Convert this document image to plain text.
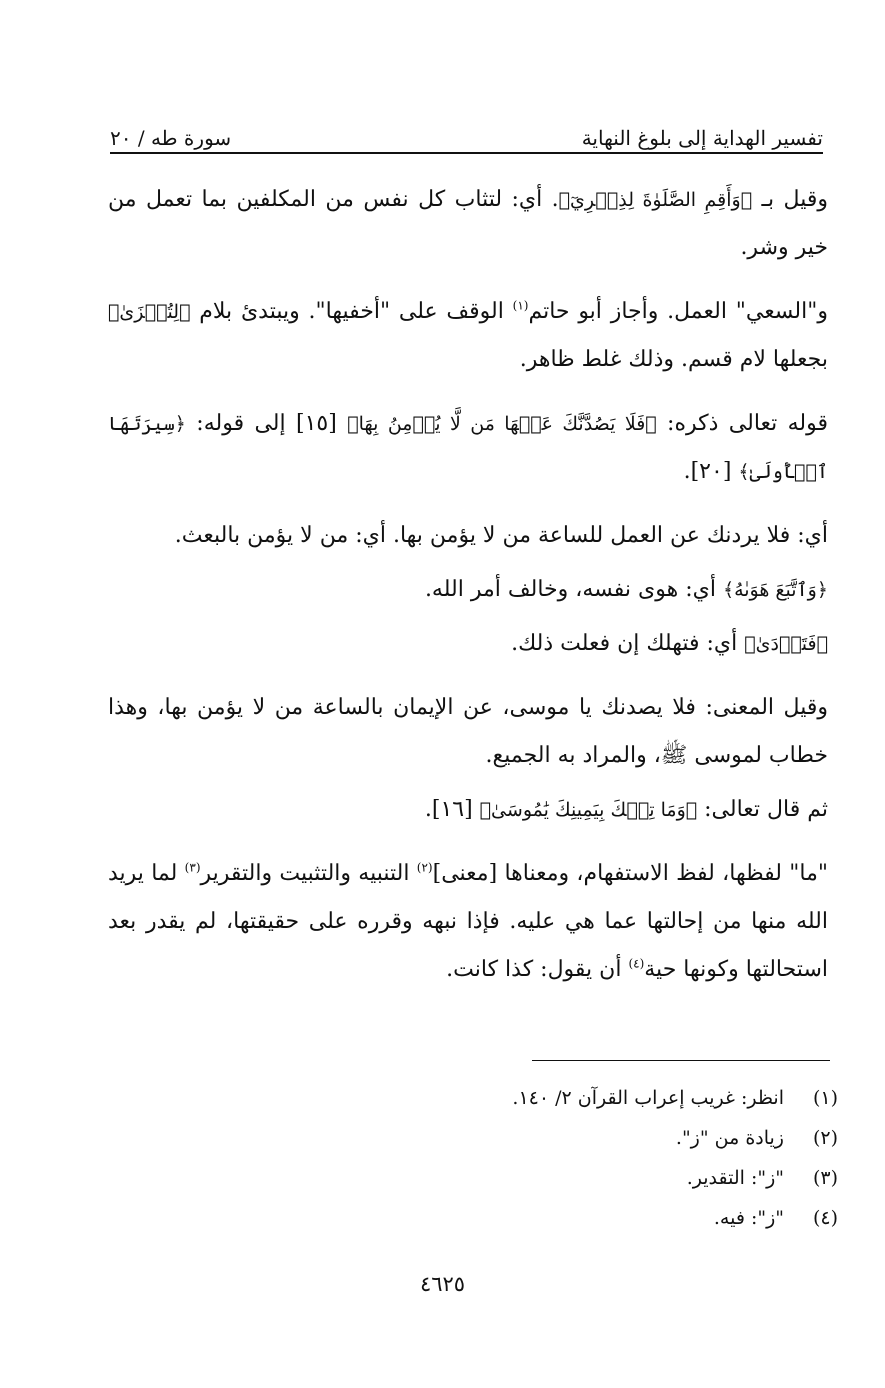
تفسير الهداية إلى بلوغ النهاية
سورة طه / ٢٠

وقيل بـ ﴿وَأَقِمِ الصَّلَوٰةَ لِذِكۡرِيٓ﴾. أي: لتثاب كل نفس من المكلفين بما تعمل من خير وشر.

و"السعي" العمل. وأجاز أبو حاتم$^{(١)}$ الوقف على "أخفيها". ويبتدئ بلام ﴿لِتُجۡزَىٰ﴾ بجعلها لام قسم. وذلك غلط ظاهر.

قوله تعالى ذكره: ﴿فَلَا يَصُدَّنَّكَ عَنۡهَا مَن لَّا يُؤۡمِنُ بِهَا﴾ [١٥] إلى قوله: ﴿سِيرَتَهَا ٱلۡأُولَىٰ﴾ [٢٠].

أي: فلا يردنك عن العمل للساعة من لا يؤمن بها. أي: من لا يؤمن بالبعث.

﴿وَٱتَّبَعَ هَوَىٰهُ﴾ أي: هوى نفسه، وخالف أمر الله.

﴿فَتَرۡدَىٰ﴾ أي: فتهلك إن فعلت ذلك.

وقيل المعنى: فلا يصدنك يا موسى، عن الإيمان بالساعة من لا يؤمن بها، وهذا خطاب لموسى ﷺ، والمراد به الجميع.

ثم قال تعالى: ﴿وَمَا تِلۡكَ بِيَمِينِكَ يَٰمُوسَىٰ﴾ [١٦].

"ما" لفظها، لفظ الاستفهام، ومعناها [معنى]$^{(٢)}$ التنبيه والتثبيت والتقرير$^{(٣)}$ لما يريد الله منها من إحالتها عما هي عليه. فإذا نبهه وقرره على حقيقتها، لم يقدر بعد استحالتها وكونها حية$^{(٤)}$ أن يقول: كذا كانت.

(١)
انظر: غريب إعراب القرآن ٢/ ١٤٠.
(٢)
زيادة من "ز".
(٣)
"ز": التقدير.
(٤)
"ز": فيه.
٤٦٢٥
